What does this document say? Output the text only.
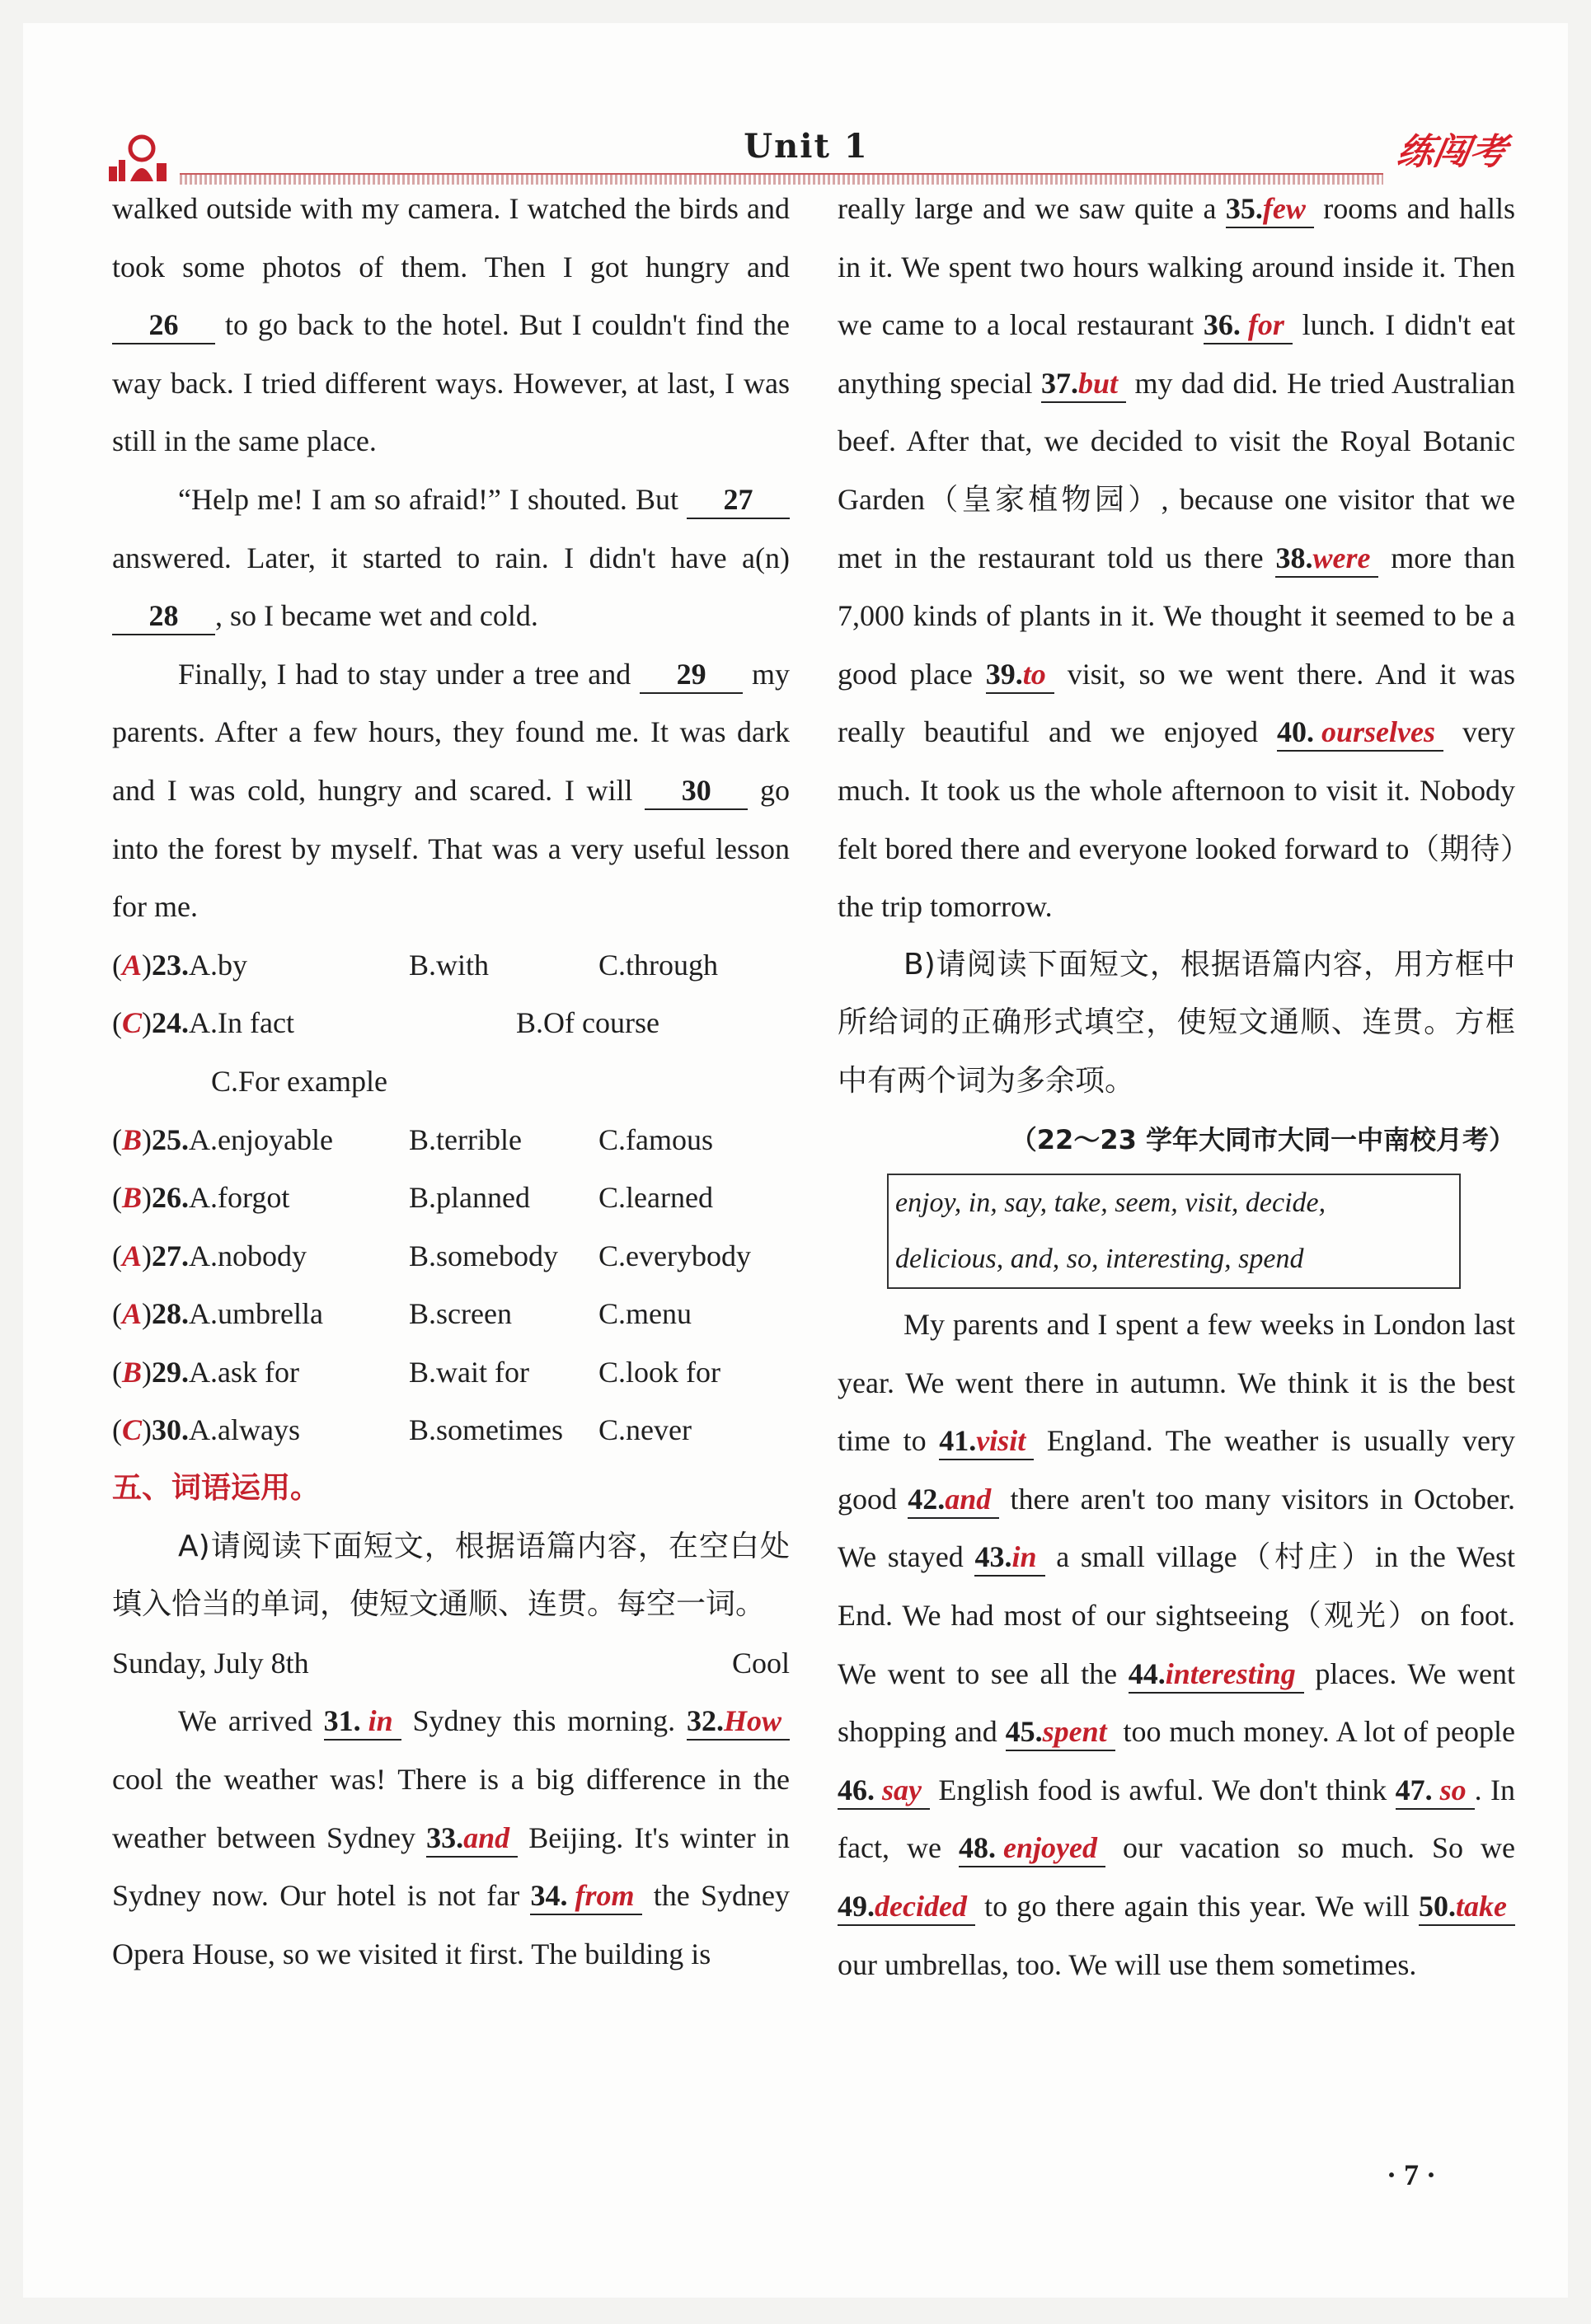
Unit 1	练闯考

walked outside with my camera. I watched the birds and took some photos of them. Then I got hungry and 26 to go back to the hotel. But I couldn't find the way back. I tried different ways. However, at last, I was still in the same place.

“Help me! I am so afraid!” I shouted. But 27 answered. Later, it started to rain. I didn't have a(n) 28 , so I became wet and cold.

Finally, I had to stay under a tree and 29 my parents. After a few hours, they found me. It was dark and I was cold, hungry and scared. I will 30 go into the forest by myself. That was a very useful lesson for me.

(A)23.A.by	B.with	C.through
(C)24.A.In fact	B.Of course
C.For example
(B)25.A.enjoyable	B.terrible	C.famous
(B)26.A.forgot	B.planned	C.learned
(A)27.A.nobody	B.somebody	C.everybody
(A)28.A.umbrella	B.screen	C.menu
(B)29.A.ask for	B.wait for	C.look for
(C)30.A.always	B.sometimes	C.never

五、词语运用。

A)请阅读下面短文，根据语篇内容，在空白处填入恰当的单词，使短文通顺、连贯。每空一词。

Sunday, July 8th	Cool

We arrived 31. in Sydney this morning. 32.How cool the weather was! There is a big difference in the weather between Sydney 33.and Beijing. It's winter in Sydney now. Our hotel is not far 34. from the Sydney Opera House, so we visited it first. The building is

really large and we saw quite a 35.few rooms and halls in it. We spent two hours walking around inside it. Then we came to a local restaurant 36. for lunch. I didn't eat anything special 37.but my dad did. He tried Australian beef. After that, we decided to visit the Royal Botanic Garden（皇家植物园）, because one visitor that we met in the restaurant told us there 38.were more than 7,000 kinds of plants in it. We thought it seemed to be a good place 39.to visit, so we went there. And it was really beautiful and we enjoyed 40. ourselves very much. It took us the whole afternoon to visit it. Nobody felt bored there and everyone looked forward to（期待）the trip tomorrow.

B)请阅读下面短文，根据语篇内容，用方框中所给词的正确形式填空，使短文通顺、连贯。方框中有两个词为多余项。

（22～23 学年大同市大同一中南校月考）

enjoy, in, say, take, seem, visit, decide,
delicious, and, so, interesting, spend

My parents and I spent a few weeks in London last year. We went there in autumn. We think it is the best time to 41.visit England. The weather is usually very good 42.and there aren't too many visitors in October. We stayed 43.in a small village（村庄）in the West End. We had most of our sightseeing（观光）on foot. We went to see all the 44.interesting places. We went shopping and 45.spent too much money. A lot of people 46. say English food is awful. We don't think 47. so . In fact, we 48. enjoyed our vacation so much. So we 49.decided to go there again this year. We will 50.take our umbrellas, too. We will use them sometimes.

· 7 ·
